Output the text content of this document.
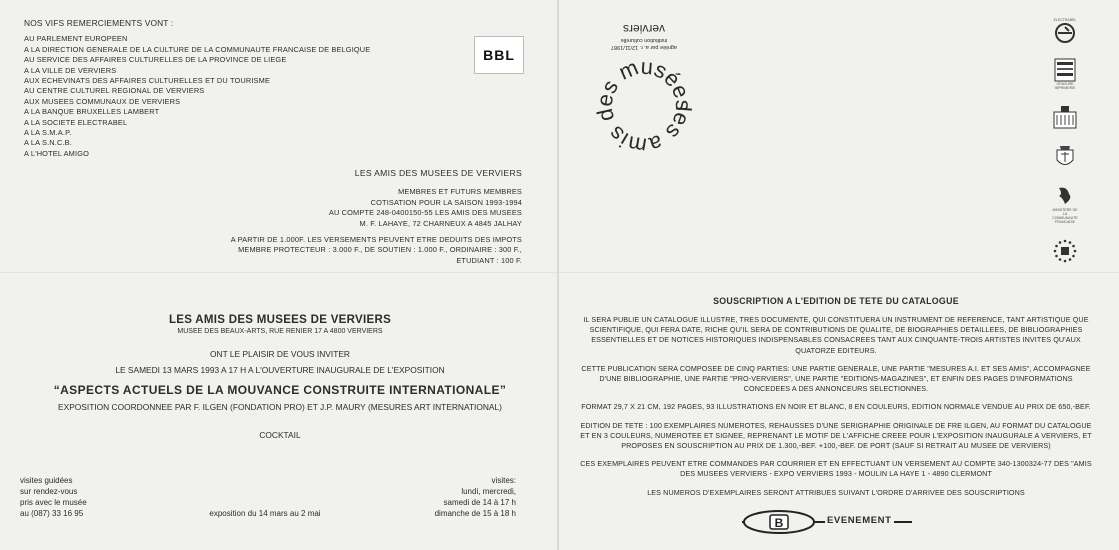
NOS VIFS REMERCIEMENTS VONT :
AU PARLEMENT EUROPEEN
A LA DIRECTION GENERALE DE LA CULTURE DE LA COMMUNAUTE FRANCAISE DE BELGIQUE
AU SERVICE DES AFFAIRES CULTURELLES DE LA PROVINCE DE LIEGE
A LA VILLE DE VERVIERS
AUX ECHEVINATS DES AFFAIRES CULTURELLES ET DU TOURISME
AU CENTRE CULTUREL REGIONAL DE VERVIERS
AUX MUSEES COMMUNAUX DE VERVIERS
A LA BANQUE BRUXELLES LAMBERT
A LA SOCIETE ELECTRABEL
A LA S.M.A.P.
A LA S.N.C.B.
A L'HOTEL AMIGO
BBL
LES AMIS DES MUSEES DE VERVIERS
MEMBRES ET FUTURS MEMBRES
COTISATION POUR LA SAISON 1993-1994
AU COMPTE 248-0400150-55 LES AMIS DES MUSEES
M. F. LAHAYE, 72 CHARNEUX A 4845 JALHAY
A PARTIR DE 1.000F. LES VERSEMENTS PEUVENT ETRE DEDUITS DES IMPOTS
MEMBRE PROTECTEUR : 3.000 F., DE SOUTIEN : 1.000 F., ORDINAIRE : 300 F., ETUDIANT : 100 F.
LES AMIS DES MUSEES DE VERVIERS
MUSEE DES BEAUX-ARTS, RUE RENIER 17 A 4800 VERVIERS
ONT LE PLAISIR DE VOUS INVITER
LE SAMEDI 13 MARS 1993 A 17 H A L'OUVERTURE INAUGURALE DE L'EXPOSITION
“ASPECTS ACTUELS DE LA MOUVANCE CONSTRUITE INTERNATIONALE”
EXPOSITION COORDONNEE PAR F. ILGEN (FONDATION PRO) ET J.P. MAURY (MESURES ART INTERNATIONAL)
COCKTAIL
visites guidées
sur rendez-vous
pris avec le musée
au (087) 33 16 95	exposition du 14 mars au 2 mai
visites:
lundi, mercredi,
samedi de 14 à 17 h
dimanche de 15 à 18 h
agréée par a. r. 12/11/1987
institution culturelle
verviers
les amis des musées
ELECTRABEL
GRAVURE IMPRIMERIE
MINISTERE DE LA COMMUNAUTE FRANCAISE
SOUSCRIPTION A L'EDITION DE TETE DU CATALOGUE

IL SERA PUBLIE UN CATALOGUE ILLUSTRE, TRES DOCUMENTE, QUI CONSTITUERA UN INSTRUMENT DE REFERENCE, TANT ARTISTIQUE QUE SCIENTIFIQUE, QUI FERA DATE, RICHE QU'IL SERA DE CONTRIBUTIONS DE QUALITE, DE BIOGRAPHIES DETAILLEES, DE BIBLIOGRAPHIES ESSENTIELLES ET DE NOTICES HISTORIQUES INDISPENSABLES CONSACREES TANT AUX CINQUANTE-TROIS ARTISTES INVITES QU'AUX QUATORZE EDITEURS.

CETTE PUBLICATION SERA COMPOSEE DE CINQ PARTIES: UNE PARTIE GENERALE, UNE PARTIE "MESURES A.I. ET SES AMIS", ACCOMPAGNEE D'UNE BIBLIOGRAPHIE, UNE PARTIE "PRO-VERVIERS", UNE PARTIE "EDITIONS-MAGAZINES", ET ENFIN DES PAGES D'INFORMATIONS CONCEDEES A DES ANNONCEURS SELECTIONNES.

FORMAT 29,7 X 21 CM, 192 PAGES, 93 ILLUSTRATIONS EN NOIR ET BLANC, 8 EN COULEURS, EDITION NORMALE VENDUE AU PRIX DE 650,-BEF.

EDITION DE TETE : 100 EXEMPLAIRES NUMEROTES, REHAUSSES D'UNE SERIGRAPHIE ORIGINALE DE FRE ILGEN, AU FORMAT DU CATALOGUE ET EN 3 COULEURS, NUMEROTEE ET SIGNEE, REPRENANT LE MOTIF DE L'AFFICHE CREEE POUR L'EXPOSITION INAUGURALE A VERVIERS, ET PROPOSES EN SOUSCRIPTION AU PRIX DE 1.300,-BEF. +100,-BEF. DE PORT (SAUF SI RETRAIT AU MUSEE DE VERVIERS)

CES EXEMPLAIRES PEUVENT ETRE COMMANDES PAR COURRIER ET EN EFFECTUANT UN VERSEMENT AU COMPTE 340-1300324-77 DES "AMIS DES MUSEES VERVIERS - EXPO VERVIERS 1993 - MOULIN LA HAYE 1 - 4890 CLERMONT

LES NUMEROS D'EXEMPLAIRES SERONT ATTRIBUES SUIVANT L'ORDRE D'ARRIVEE DES SOUSCRIPTIONS

B	EVENEMENT
